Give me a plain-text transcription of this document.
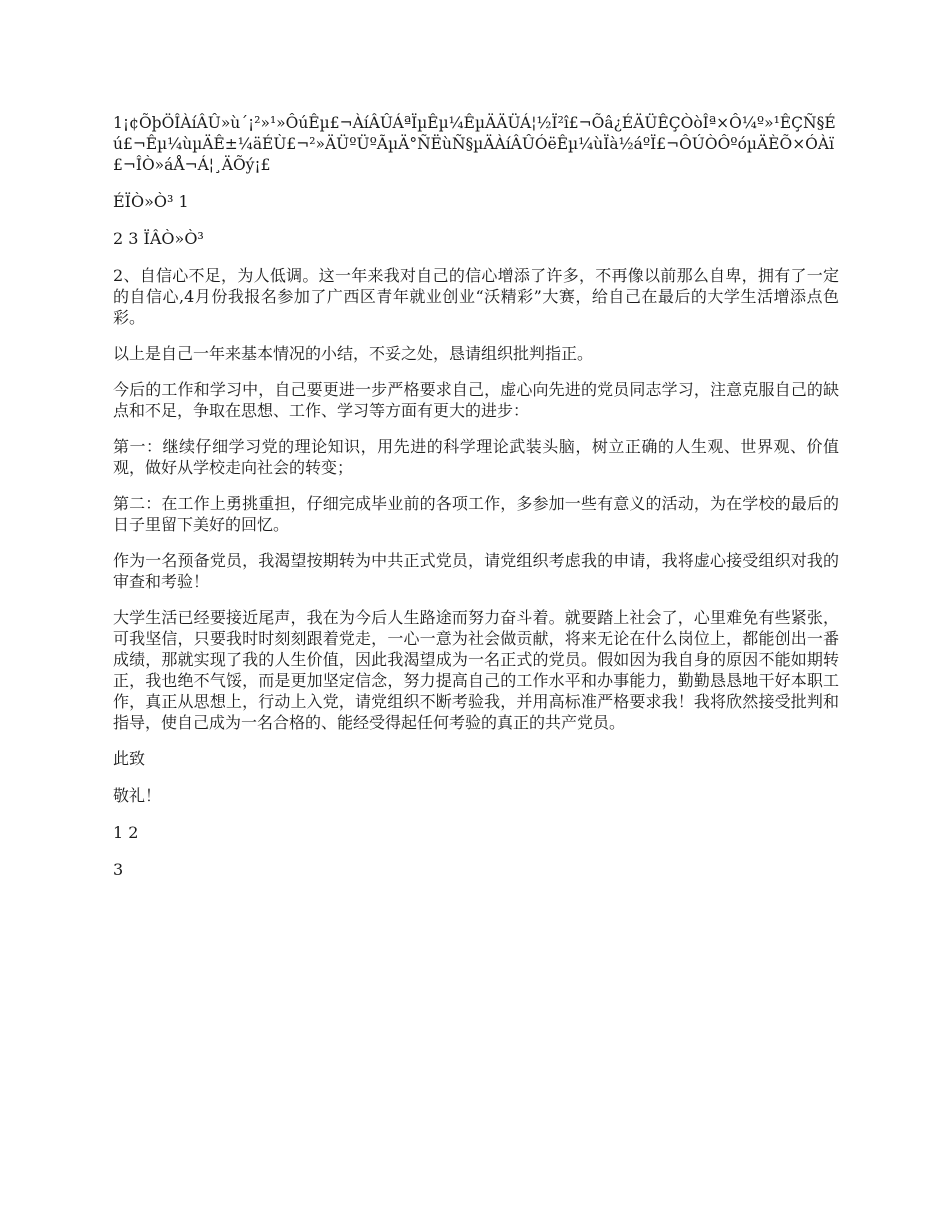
1¡¢ÕþÖÎÀíÂÛ»ù´¡²»¹»ÔúÊµ£¬ÀíÂÛÁªÏµÊµ¼ÊµÄÄÜÁ¦½Ï²î£¬Õâ¿ÉÄÜÊÇÒòÎª×Ô¼º»¹ÊÇÑ§Éú£¬Êµ¼ùµÄÊ±¼äÉÙ£¬²»ÄÜºÜºÃµÄ°ÑËùÑ§µÄÀíÂÛÓëÊµ¼ùÏà½áºÏ£¬ÔÚÒÔºóµÄÈÕ×ÓÀï£¬ÎÒ»áÅ¬Á¦¸ÄÕý¡£

ÉÏÒ»Ò³ 1

2 3 ÏÂÒ»Ò³

2、自信心不足，为人低调。这一年来我对自己的信心增添了许多，不再像以前那么自卑，拥有了一定的自信心,4月份我报名参加了广西区青年就业创业“沃精彩”大赛，给自己在最后的大学生活增添点色彩。

以上是自己一年来基本情况的小结，不妥之处，恳请组织批判指正。

今后的工作和学习中，自己要更进一步严格要求自己，虚心向先进的党员同志学习，注意克服自己的缺点和不足，争取在思想、工作、学习等方面有更大的进步：

第一：继续仔细学习党的理论知识，用先进的科学理论武装头脑，树立正确的人生观、世界观、价值观，做好从学校走向社会的转变；

第二：在工作上勇挑重担，仔细完成毕业前的各项工作，多参加一些有意义的活动，为在学校的最后的日子里留下美好的回忆。

作为一名预备党员，我渴望按期转为中共正式党员，请党组织考虑我的申请，我将虚心接受组织对我的审查和考验！

大学生活已经要接近尾声，我在为今后人生路途而努力奋斗着。就要踏上社会了，心里难免有些紧张，可我坚信，只要我时时刻刻跟着党走，一心一意为社会做贡献，将来无论在什么岗位上，都能创出一番成绩，那就实现了我的人生价值，因此我渴望成为一名正式的党员。假如因为我自身的原因不能如期转正，我也绝不气馁，而是更加坚定信念，努力提高自己的工作水平和办事能力，勤勤恳恳地干好本职工作，真正从思想上，行动上入党，请党组织不断考验我，并用高标准严格要求我！我将欣然接受批判和指导，使自己成为一名合格的、能经受得起任何考验的真正的共产党员。

此致

敬礼！

1 2

3
